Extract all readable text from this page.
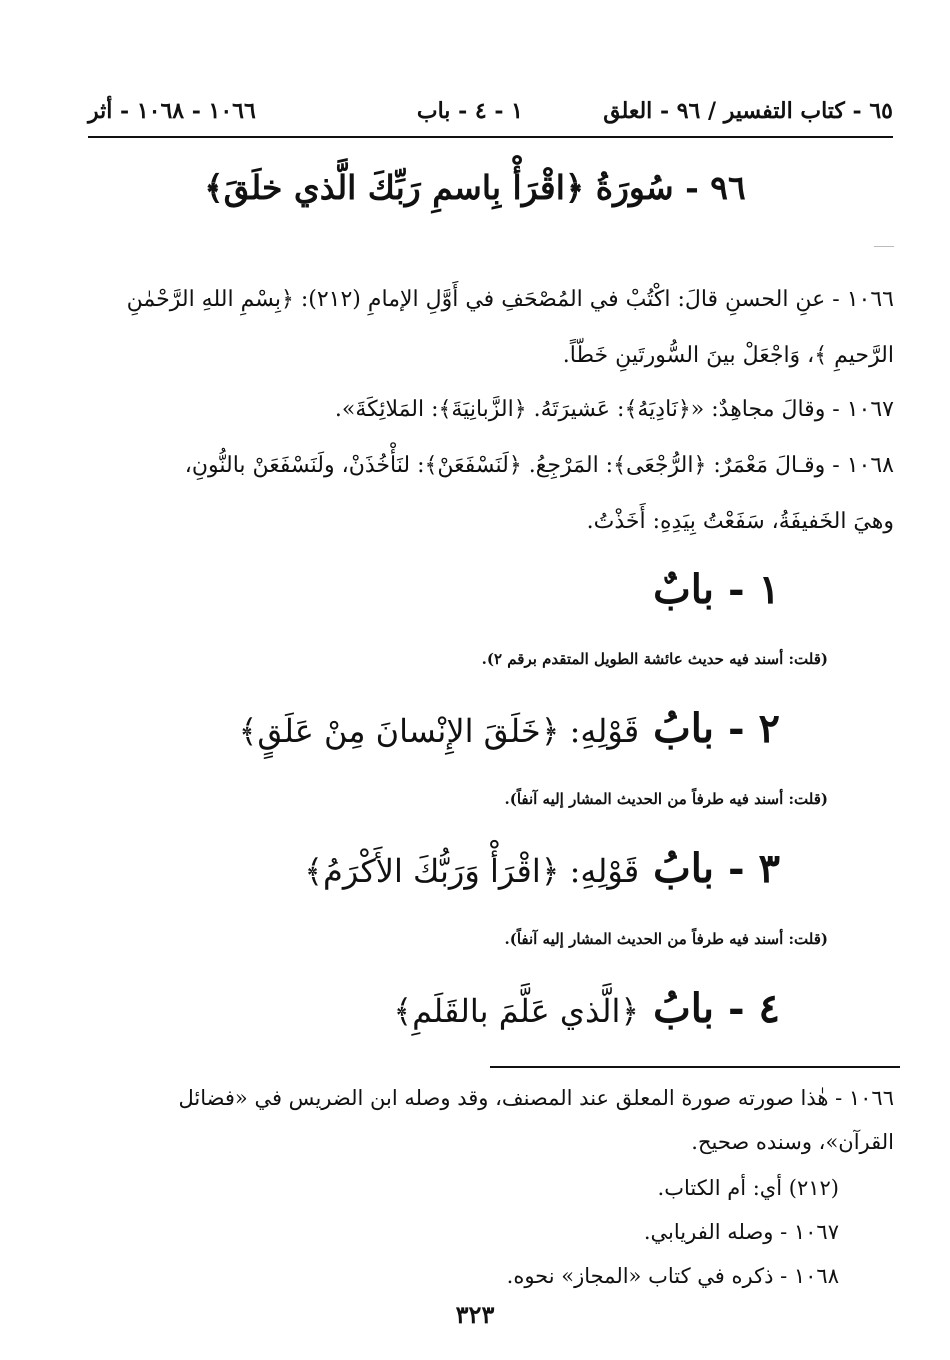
٦٥ - كتاب التفسير / ٩٦ - العلق
١ - ٤ - باب
١٠٦٦ - ١٠٦٨ - أثر
٩٦ - سُورَةُ ﴿اقْرَأْ بِاسمِ رَبِّكَ الَّذي خلَقَ﴾
١٠٦٦ - عنِ الحسنِ قالَ: اكْتُبْ في المُصْحَفِ في أَوَّلِ الإمامِ (٢١٢): ﴿بِسْمِ اللهِ الرَّحْمٰنِ
الرَّحيمِ ﴾، وَاجْعَلْ بينَ السُّورتَينِ خَطّاً.
١٠٦٧ - وقالَ مجاهِدٌ: «﴿نَادِيَهُ﴾: عَشيرَتَهُ. ﴿الزَّبانِيَةَ﴾: المَلائِكَةَ».
١٠٦٨ - وقـالَ مَعْمَرٌ: ﴿الرُّجْعَى﴾: المَرْجِعُ. ﴿لَنَسْفَعَنْ﴾: لنَأْخُذَنْ، ولَنَسْفَعَنْ بالنُّونِ،
وهيَ الخَفيفَةُ، سَفَعْتُ بِيَدِهِ: أَخَذْتُ.
١ - بابٌ
(قلت: أسند فيه حديث عائشة الطويل المتقدم برقم ٢).
٢ - بابُ قَوْلِهِ: ﴿خَلَقَ الإِنْسانَ مِنْ عَلَقٍ﴾
(قلت: أسند فيه طرفاً من الحديث المشار إليه آنفاً).
٣ - بابُ قَوْلِهِ: ﴿اقْرَأْ وَرَبُّكَ الأَكْرَمُ﴾
(قلت: أسند فيه طرفاً من الحديث المشار إليه آنفاً).
٤ - بابُ ﴿الَّذي عَلَّمَ بالقَلَمِ﴾
١٠٦٦ - هٰذا صورته صورة المعلق عند المصنف، وقد وصله ابن الضريس في «فضائل
القرآن»، وسنده صحيح.
(٢١٢) أي: أم الكتاب.
١٠٦٧ - وصله الفريابي.
١٠٦٨ - ذكره في كتاب «المجاز» نحوه.
٣٢٣
